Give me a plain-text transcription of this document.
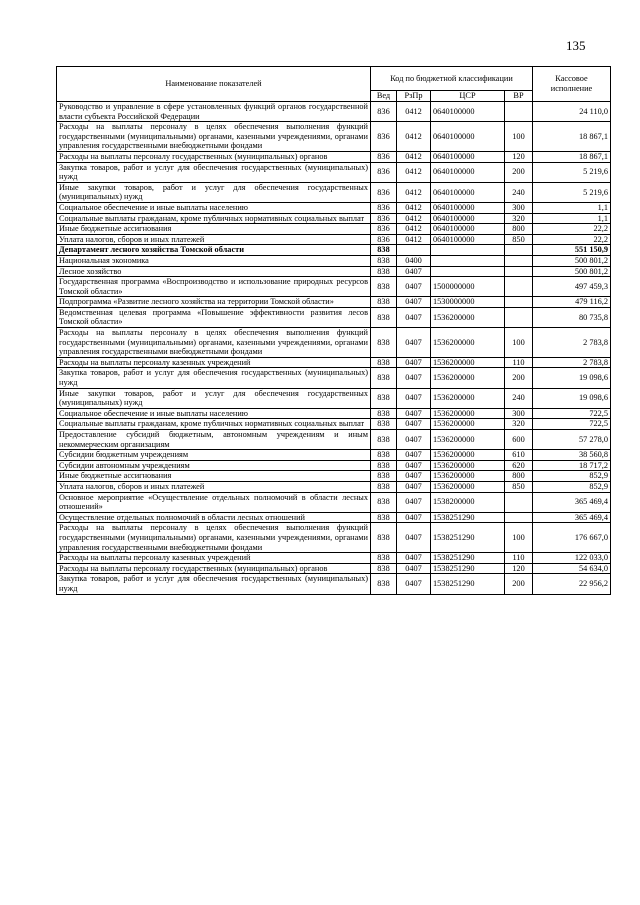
135
Наименование показателей	Код по бюджетной классификации				Кассовое исполнение
	Вед	РзПр	ЦСР	ВР	
Руководство и управление в сфере установленных функций органов государственной власти субъекта Российской Федерации	836	0412	0640100000		24 110,0
Расходы на выплаты персоналу в целях обеспечения выполнения функций государственными (муниципальными) органами, казенными учреждениями, органами управления государственными внебюджетными фондами	836	0412	0640100000	100	18 867,1
Расходы на выплаты персоналу государственных (муниципальных) органов	836	0412	0640100000	120	18 867,1
Закупка товаров, работ и услуг для обеспечения государственных (муниципальных) нужд	836	0412	0640100000	200	5 219,6
Иные закупки товаров, работ и услуг для обеспечения государственных (муниципальных) нужд	836	0412	0640100000	240	5 219,6
Социальное обеспечение и иные выплаты населению	836	0412	0640100000	300	1,1
Социальные выплаты гражданам, кроме публичных нормативных социальных выплат	836	0412	0640100000	320	1,1
Иные бюджетные ассигнования	836	0412	0640100000	800	22,2
Уплата налогов, сборов и иных платежей	836	0412	0640100000	850	22,2
Департамент лесного хозяйства Томской области	838				551 150,9
Национальная экономика	838	0400			500 801,2
Лесное хозяйство	838	0407			500 801,2
Государственная программа «Воспроизводство и использование природных ресурсов Томской области»	838	0407	1500000000		497 459,3
Подпрограмма «Развитие лесного хозяйства на территории Томской области»	838	0407	1530000000		479 116,2
Ведомственная целевая программа «Повышение эффективности развития лесов Томской области»	838	0407	1536200000		80 735,8
Расходы на выплаты персоналу в целях обеспечения выполнения функций государственными (муниципальными) органами, казенными учреждениями, органами управления государственными внебюджетными фондами	838	0407	1536200000	100	2 783,8
Расходы на выплаты персоналу казенных учреждений	838	0407	1536200000	110	2 783,8
Закупка товаров, работ и услуг для обеспечения государственных (муниципальных) нужд	838	0407	1536200000	200	19 098,6
Иные закупки товаров, работ и услуг для обеспечения государственных (муниципальных) нужд	838	0407	1536200000	240	19 098,6
Социальное обеспечение и иные выплаты населению	838	0407	1536200000	300	722,5
Социальные выплаты гражданам, кроме публичных нормативных социальных выплат	838	0407	1536200000	320	722,5
Предоставление субсидий бюджетным, автономным учреждениям и иным некоммерческим организациям	838	0407	1536200000	600	57 278,0
Субсидии бюджетным учреждениям	838	0407	1536200000	610	38 560,8
Субсидии автономным учреждениям	838	0407	1536200000	620	18 717,2
Иные бюджетные ассигнования	838	0407	1536200000	800	852,9
Уплата налогов, сборов и иных платежей	838	0407	1536200000	850	852,9
Основное мероприятие «Осуществление отдельных полномочий в области лесных отношений»	838	0407	1538200000		365 469,4
Осуществление отдельных полномочий в области лесных отношений	838	0407	1538251290		365 469,4
Расходы на выплаты персоналу в целях обеспечения выполнения функций государственными (муниципальными) органами, казенными учреждениями, органами управления государственными внебюджетными фондами	838	0407	1538251290	100	176 667,0
Расходы на выплаты персоналу казенных учреждений	838	0407	1538251290	110	122 033,0
Расходы на выплаты персоналу государственных (муниципальных) органов	838	0407	1538251290	120	54 634,0
Закупка товаров, работ и услуг для обеспечения государственных (муниципальных) нужд	838	0407	1538251290	200	22 956,2
